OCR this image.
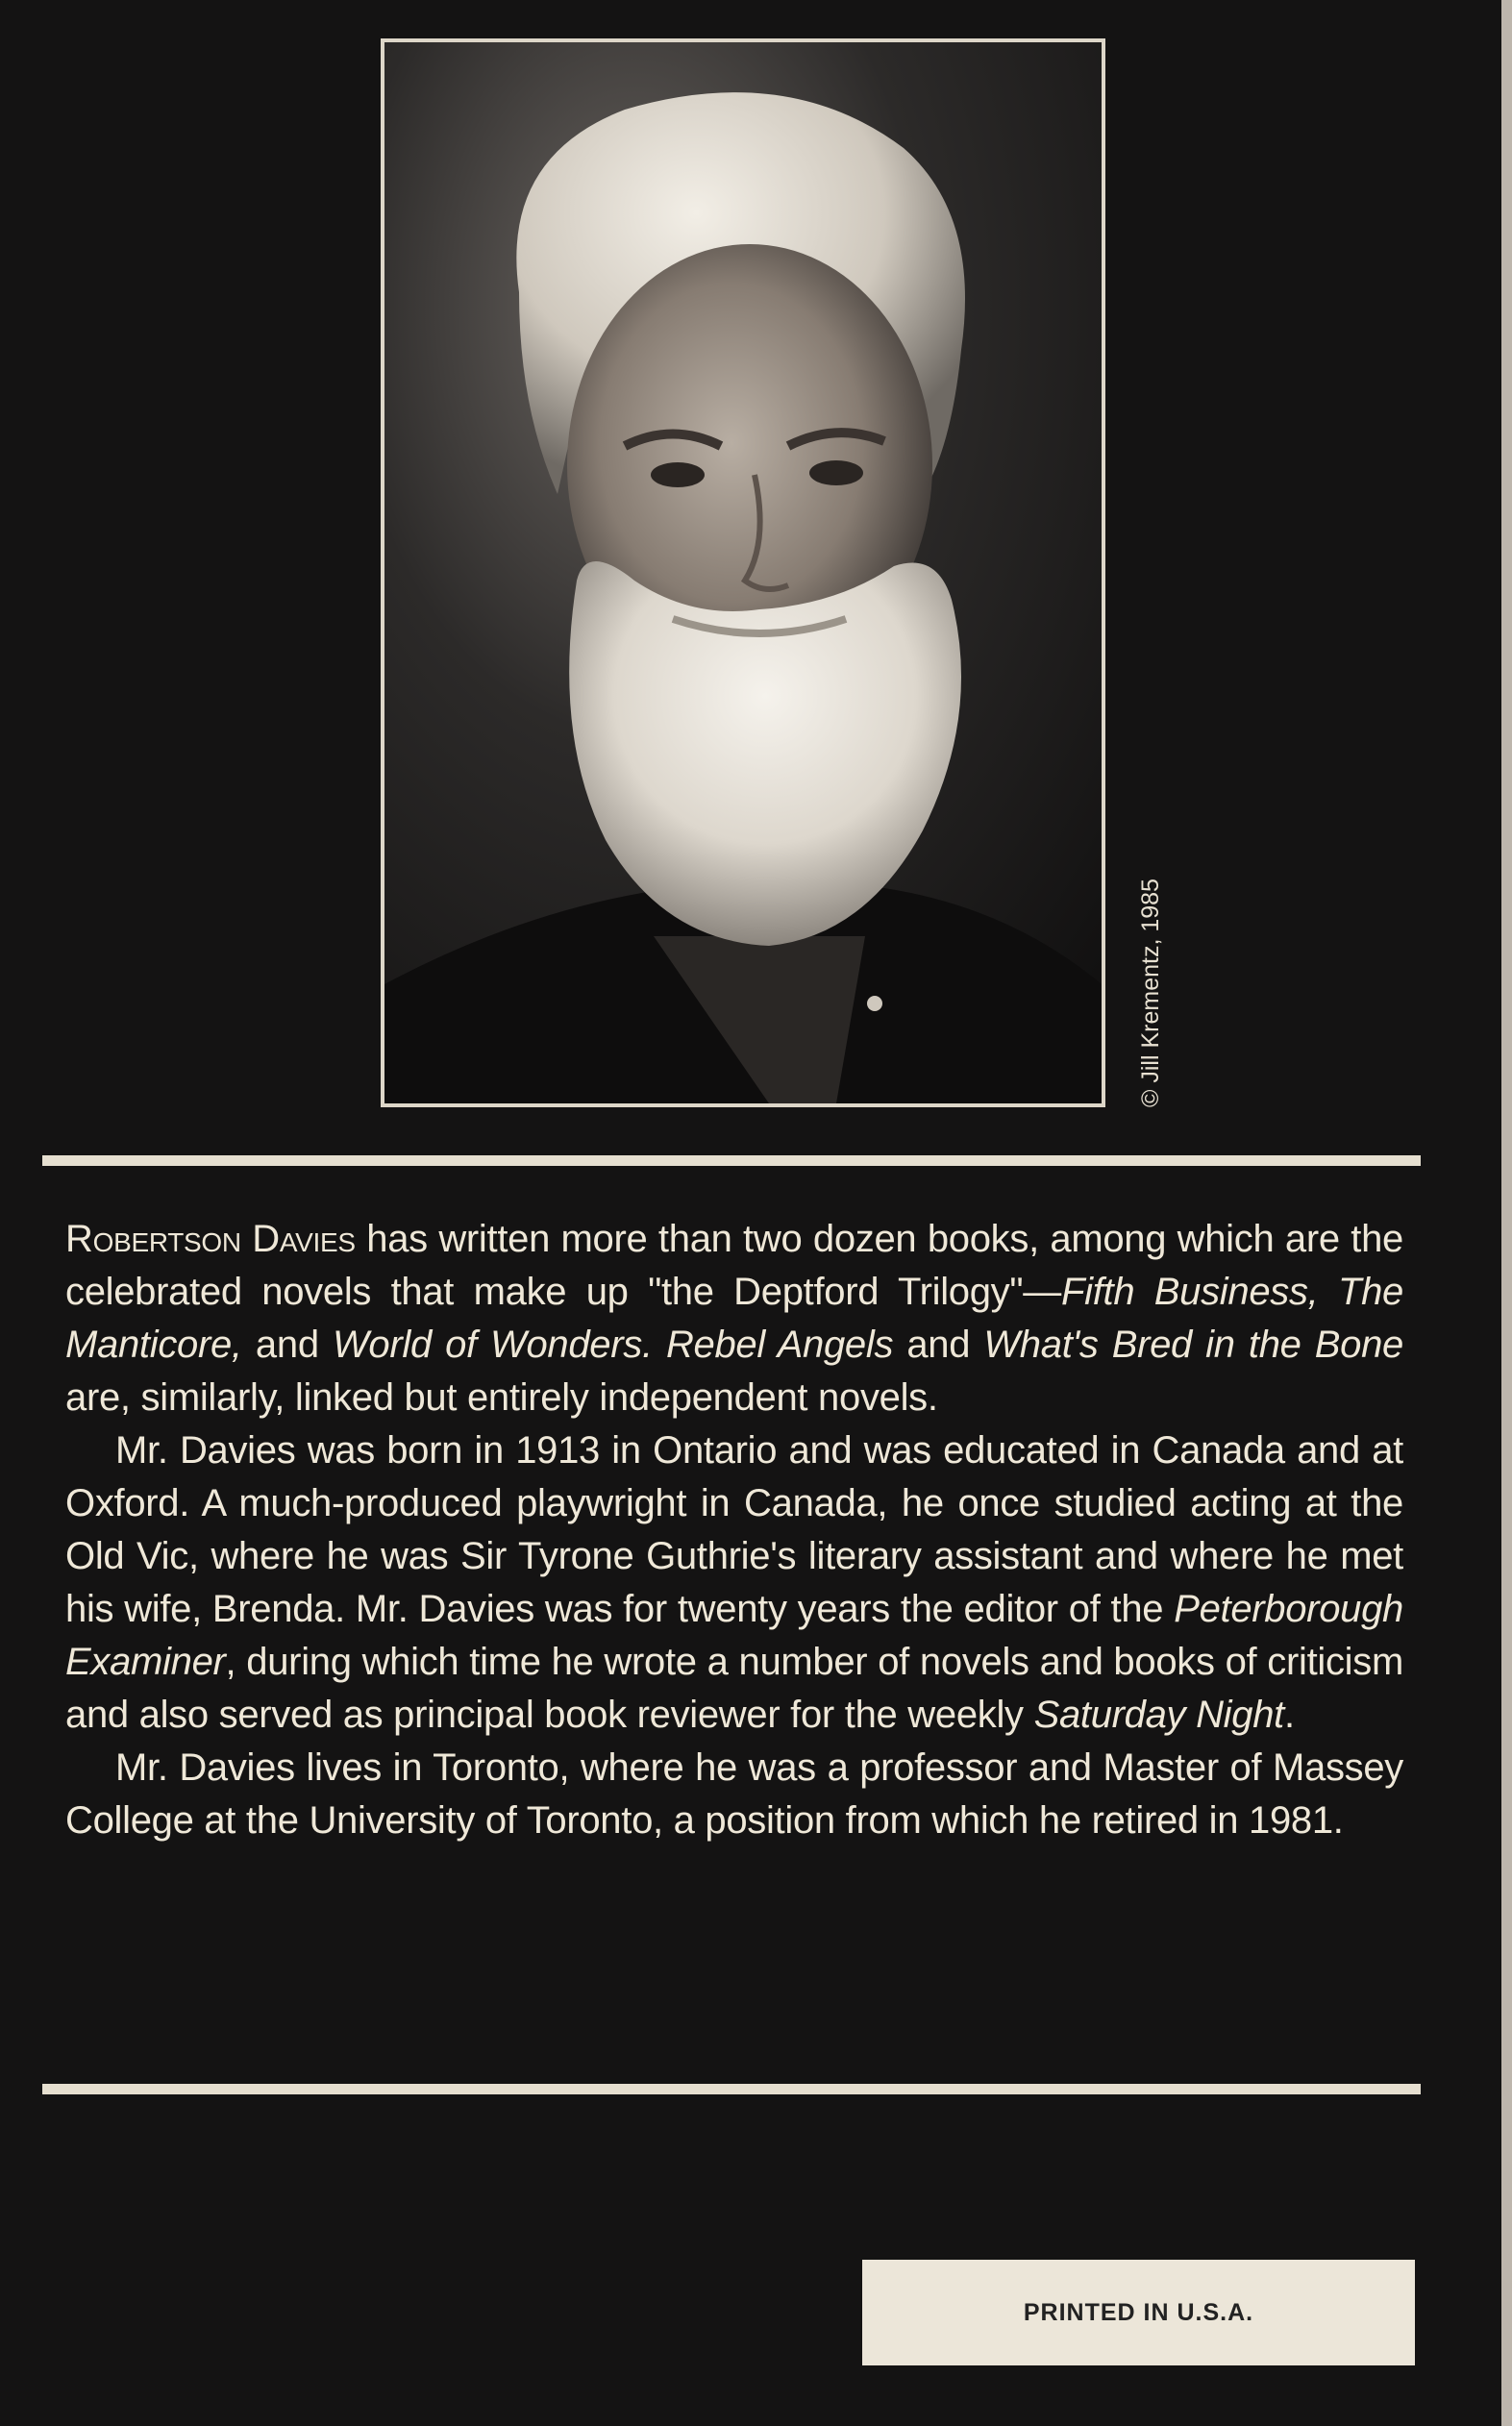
© Jill Krementz, 1985

Robertson Davies has written more than two dozen books, among which are the celebrated novels that make up "the Deptford Trilogy"—Fifth Business, The Manticore, and World of Wonders. Rebel Angels and What's Bred in the Bone are, similarly, linked but entirely independent novels.

Mr. Davies was born in 1913 in Ontario and was educated in Canada and at Oxford. A much-produced playwright in Canada, he once studied acting at the Old Vic, where he was Sir Tyrone Guthrie's literary assistant and where he met his wife, Brenda. Mr. Davies was for twenty years the editor of the Peterborough Examiner, during which time he wrote a number of novels and books of criticism and also served as principal book reviewer for the weekly Saturday Night.

Mr. Davies lives in Toronto, where he was a professor and Master of Massey College at the University of Toronto, a position from which he retired in 1981.

PRINTED IN U.S.A.
